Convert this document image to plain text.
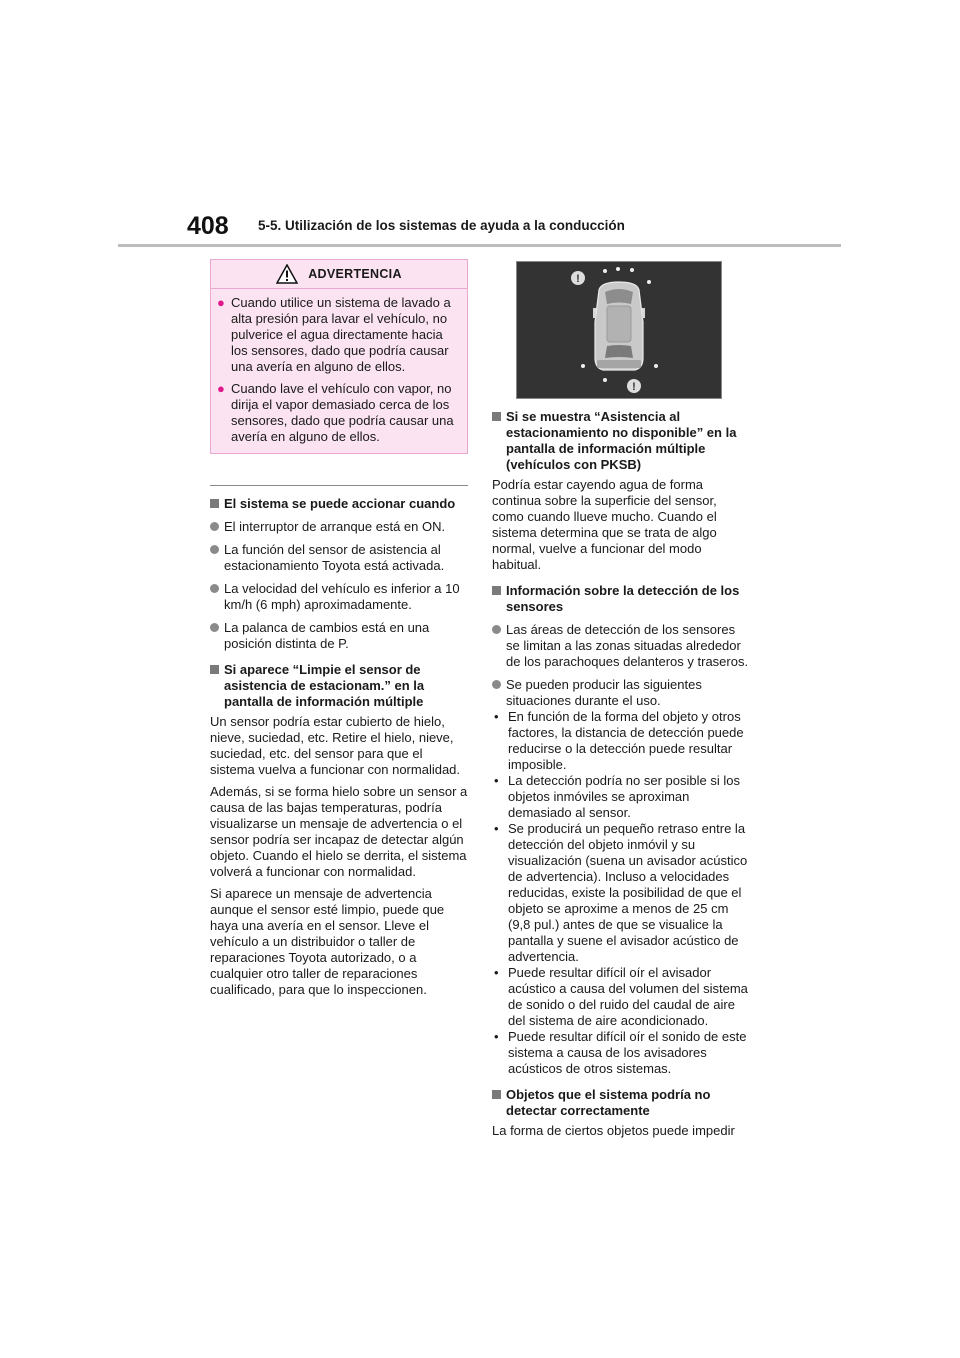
408 5-5. Utilización de los sistemas de ayuda a la conducción
ADVERTENCIA
● Cuando utilice un sistema de lavado a alta presión para lavar el vehículo, no pulverice el agua directamente hacia los sensores, dado que podría causar una avería en alguno de ellos.
● Cuando lave el vehículo con vapor, no dirija el vapor demasiado cerca de los sensores, dado que podría causar una avería en alguno de ellos.
El sistema se puede accionar cuando
El interruptor de arranque está en ON.
La función del sensor de asistencia al estacionamiento Toyota está activada.
La velocidad del vehículo es inferior a 10 km/h (6 mph) aproximadamente.
La palanca de cambios está en una posición distinta de P.
Si aparece “Limpie el sensor de asistencia de estacionam.” en la pantalla de información múltiple
Un sensor podría estar cubierto de hielo, nieve, suciedad, etc. Retire el hielo, nieve, suciedad, etc. del sensor para que el sistema vuelva a funcionar con normalidad.
Además, si se forma hielo sobre un sensor a causa de las bajas temperaturas, podría visualizarse un mensaje de advertencia o el sensor podría ser incapaz de detectar algún objeto. Cuando el hielo se derrita, el sistema volverá a funcionar con normalidad.
Si aparece un mensaje de advertencia aunque el sensor esté limpio, puede que haya una avería en el sensor. Lleve el vehículo a un distribuidor o taller de reparaciones Toyota autorizado, o a cualquier otro taller de reparaciones cualificado, para que lo inspeccionen.
!
!
Si se muestra “Asistencia al estacionamiento no disponible” en la pantalla de información múltiple (vehículos con PKSB)
Podría estar cayendo agua de forma continua sobre la superficie del sensor, como cuando llueve mucho. Cuando el sistema determina que se trata de algo normal, vuelve a funcionar del modo habitual.
Información sobre la detección de los sensores
Las áreas de detección de los sensores se limitan a las zonas situadas alrededor de los parachoques delanteros y traseros.
Se pueden producir las siguientes situaciones durante el uso.
• En función de la forma del objeto y otros factores, la distancia de detección puede reducirse o la detección puede resultar imposible.
• La detección podría no ser posible si los objetos inmóviles se aproximan demasiado al sensor.
• Se producirá un pequeño retraso entre la detección del objeto inmóvil y su visualización (suena un avisador acústico de advertencia). Incluso a velocidades reducidas, existe la posibilidad de que el objeto se aproxime a menos de 25 cm (9,8 pul.) antes de que se visualice la pantalla y suene el avisador acústico de advertencia.
• Puede resultar difícil oír el avisador acústico a causa del volumen del sistema de sonido o del ruido del caudal de aire del sistema de aire acondicionado.
• Puede resultar difícil oír el sonido de este sistema a causa de los avisadores acústicos de otros sistemas.
Objetos que el sistema podría no detectar correctamente
La forma de ciertos objetos puede impedir
